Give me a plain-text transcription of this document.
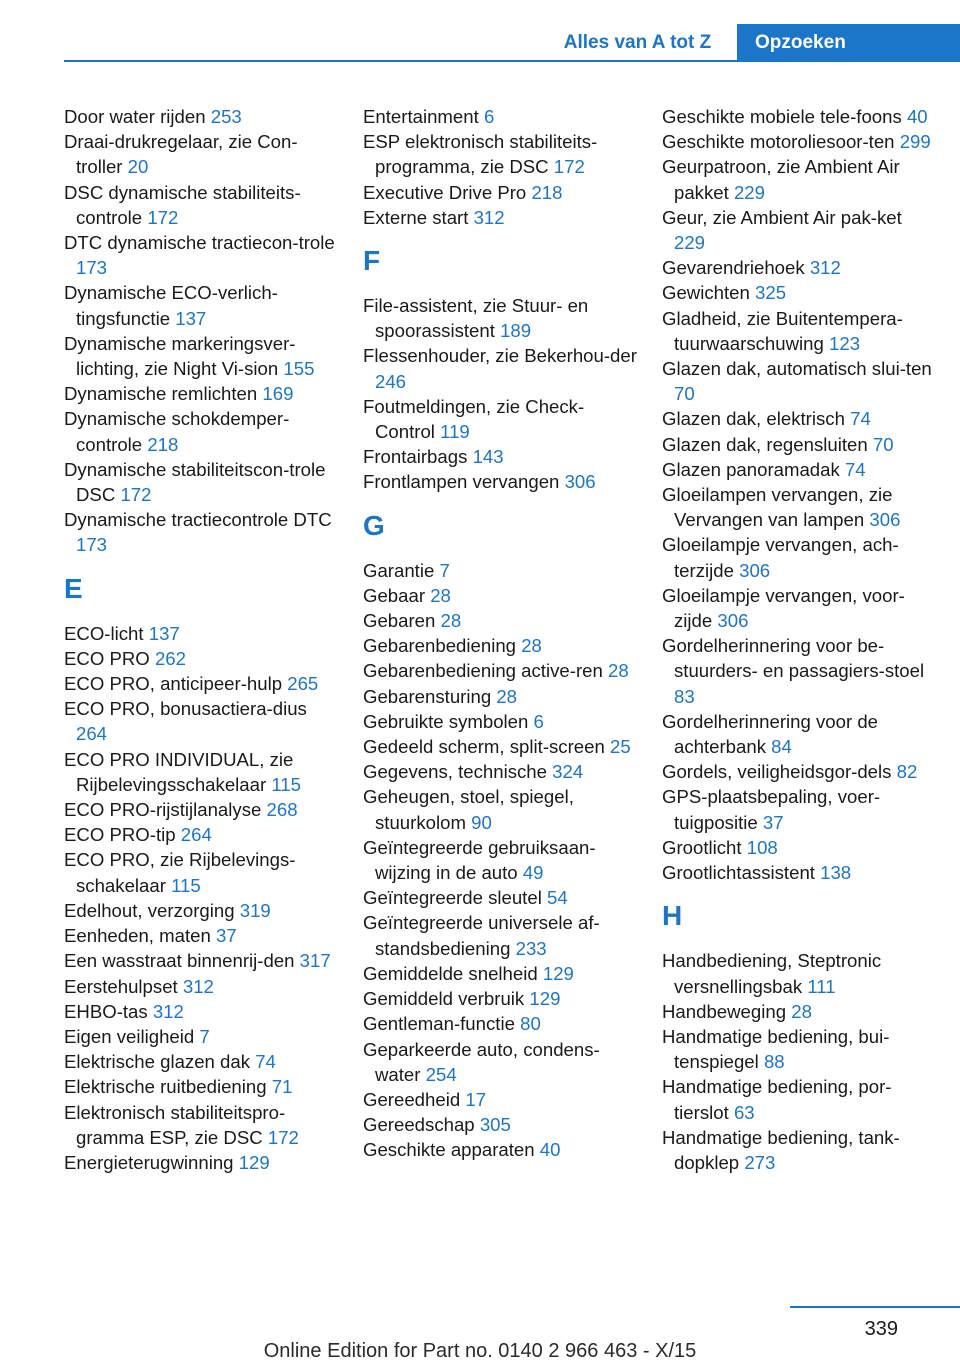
Alles van A tot Z	Opzoeken
Door water rijden 253
Draai-drukregelaar, zie Con-troller 20
DSC dynamische stabiliteits-controle 172
DTC dynamische tractiecon-trole 173
Dynamische ECO-verlich-tingsfunctie 137
Dynamische markeringsver-lichting, zie Night Vi-sion 155
Dynamische remlichten 169
Dynamische schokdemper-controle 218
Dynamische stabiliteitscon-trole DSC 172
Dynamische tractiecontrole DTC 173
E
ECO-licht 137
ECO PRO 262
ECO PRO, anticipeer-hulp 265
ECO PRO, bonusactiera-dius 264
ECO PRO INDIVIDUAL, zie Rijbelevingsschakelaar 115
ECO PRO-rijstijlanalyse 268
ECO PRO-tip 264
ECO PRO, zie Rijbelevings-schakelaar 115
Edelhout, verzorging 319
Eenheden, maten 37
Een wasstraat binnenrij-den 317
Eerstehulpset 312
EHBO-tas 312
Eigen veiligheid 7
Elektrische glazen dak 74
Elektrische ruitbediening 71
Elektronisch stabiliteitspro-gramma ESP, zie DSC 172
Energieterugwinning 129
Entertainment 6
ESP elektronisch stabiliteits-programma, zie DSC 172
Executive Drive Pro 218
Externe start 312
F
File-assistent, zie Stuur- en spoorassistent 189
Flessenhouder, zie Bekerhou-der 246
Foutmeldingen, zie Check-Control 119
Frontairbags 143
Frontlampen vervangen 306
G
Garantie 7
Gebaar 28
Gebaren 28
Gebarenbediening 28
Gebarenbediening active-ren 28
Gebarensturing 28
Gebruikte symbolen 6
Gedeeld scherm, split-screen 25
Gegevens, technische 324
Geheugen, stoel, spiegel, stuurkolom 90
Geïntegreerde gebruiksaan-wijzing in de auto 49
Geïntegreerde sleutel 54
Geïntegreerde universele af-standsbediening 233
Gemiddelde snelheid 129
Gemiddeld verbruik 129
Gentleman-functie 80
Geparkeerde auto, condens-water 254
Gereedheid 17
Gereedschap 305
Geschikte apparaten 40
Geschikte mobiele tele-foons 40
Geschikte motoroliesoor-ten 299
Geurpatroon, zie Ambient Air pakket 229
Geur, zie Ambient Air pak-ket 229
Gevarendriehoek 312
Gewichten 325
Gladheid, zie Buitentempera-tuurwaarschuwing 123
Glazen dak, automatisch slui-ten 70
Glazen dak, elektrisch 74
Glazen dak, regensluiten 70
Glazen panoramadak 74
Gloeilampen vervangen, zie Vervangen van lampen 306
Gloeilampje vervangen, ach-terzijde 306
Gloeilampje vervangen, voor-zijde 306
Gordelherinnering voor be-stuurders- en passagiers-stoel 83
Gordelherinnering voor de achterbank 84
Gordels, veiligheidsgor-dels 82
GPS-plaatsbepaling, voer-tuigpositie 37
Grootlicht 108
Grootlichtassistent 138
H
Handbediening, Steptronic versnellingsbak 111
Handbeweging 28
Handmatige bediening, bui-tenspiegel 88
Handmatige bediening, por-tierslot 63
Handmatige bediening, tank-dopklep 273
339
Online Edition for Part no. 0140 2 966 463 - X/15
